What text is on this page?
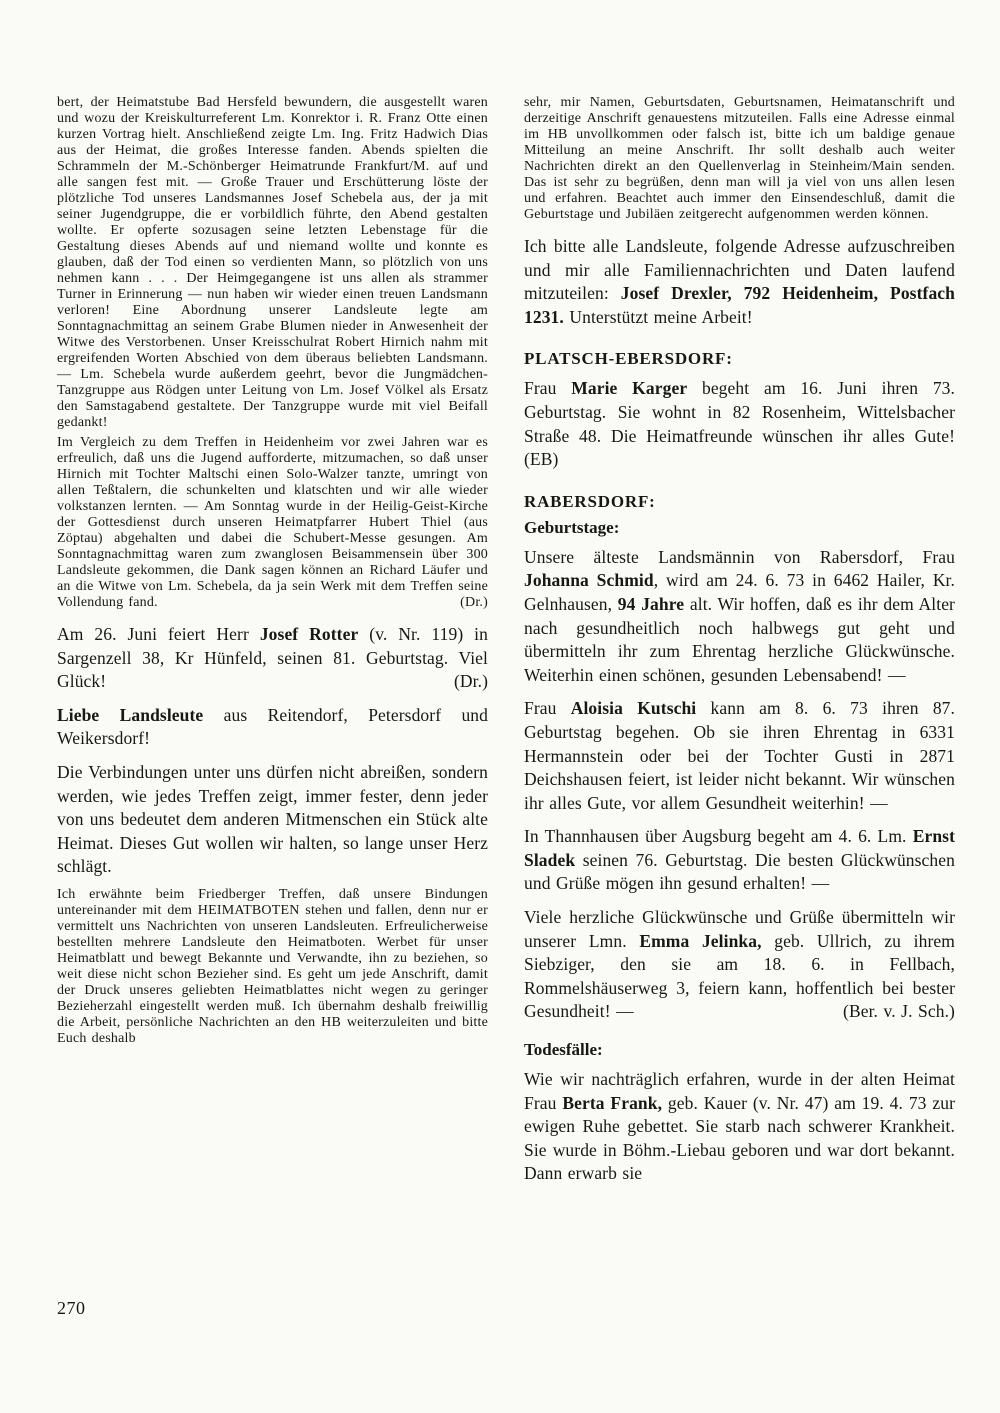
bert, der Heimatstube Bad Hersfeld bewundern, die ausgestellt waren und wozu der Kreiskulturreferent Lm. Konrektor i. R. Franz Otte einen kurzen Vortrag hielt. Anschließend zeigte Lm. Ing. Fritz Hadwich Dias aus der Heimat, die großes Interesse fanden. Abends spielten die Schrammeln der M.-Schönberger Heimatrunde Frankfurt/M. auf und alle sangen fest mit. — Große Trauer und Erschütterung löste der plötzliche Tod unseres Landsmannes Josef Schebela aus, der ja mit seiner Jugendgruppe, die er vorbildlich führte, den Abend gestalten wollte. Er opferte sozusagen seine letzten Lebenstage für die Gestaltung dieses Abends auf und niemand wollte und konnte es glauben, daß der Tod einen so verdienten Mann, so plötzlich von uns nehmen kann . . . Der Heimgegangene ist uns allen als strammer Turner in Erinnerung — nun haben wir wieder einen treuen Landsmann verloren! Eine Abordnung unserer Landsleute legte am Sonntagnachmittag an seinem Grabe Blumen nieder in Anwesenheit der Witwe des Verstorbenen. Unser Kreisschulrat Robert Hirnich nahm mit ergreifenden Worten Abschied von dem überaus beliebten Landsmann. — Lm. Schebela wurde außerdem geehrt, bevor die Jungmädchen-Tanzgruppe aus Rödgen unter Leitung von Lm. Josef Völkel als Ersatz den Samstagabend gestaltete. Der Tanzgruppe wurde mit viel Beifall gedankt!

Im Vergleich zu dem Treffen in Heidenheim vor zwei Jahren war es erfreulich, daß uns die Jugend aufforderte, mitzumachen, so daß unser Hirnich mit Tochter Maltschi einen Solo-Walzer tanzte, umringt von allen Teßtalern, die schunkelten und klatschten und wir alle wieder volkstanzen lernten. — Am Sonntag wurde in der Heilig-Geist-Kirche der Gottesdienst durch unseren Heimatpfarrer Hubert Thiel (aus Zöptau) abgehalten und dabei die Schubert-Messe gesungen. Am Sonntagnachmittag waren zum zwanglosen Beisammensein über 300 Landsleute gekommen, die Dank sagen können an Richard Läufer und an die Witwe von Lm. Schebela, da ja sein Werk mit dem Treffen seine Vollendung fand.	(Dr.)

Am 26. Juni feiert Herr Josef Rotter (v. Nr. 119) in Sargenzell 38, Kr Hünfeld, seinen 81. Geburtstag. Viel Glück!	(Dr.)

Liebe Landsleute aus Reitendorf, Petersdorf und Weikersdorf!

Die Verbindungen unter uns dürfen nicht abreißen, sondern werden, wie jedes Treffen zeigt, immer fester, denn jeder von uns bedeutet dem anderen Mitmenschen ein Stück alte Heimat. Dieses Gut wollen wir halten, so lange unser Herz schlägt.

Ich erwähnte beim Friedberger Treffen, daß unsere Bindungen untereinander mit dem HEIMATBOTEN stehen und fallen, denn nur er vermittelt uns Nachrichten von unseren Landsleuten. Erfreulicherweise bestellten mehrere Landsleute den Heimatboten. Werbet für unser Heimatblatt und bewegt Bekannte und Verwandte, ihn zu beziehen, so weit diese nicht schon Bezieher sind. Es geht um jede Anschrift, damit der Druck unseres geliebten Heimatblattes nicht wegen zu geringer Bezieherzahl eingestellt werden muß. Ich übernahm deshalb freiwillig die Arbeit, persönliche Nachrichten an den HB weiterzuleiten und bitte Euch deshalb

sehr, mir Namen, Geburtsdaten, Geburtsnamen, Heimatanschrift und derzeitige Anschrift genauestens mitzuteilen. Falls eine Adresse einmal im HB unvollkommen oder falsch ist, bitte ich um baldige genaue Mitteilung an meine Anschrift. Ihr sollt deshalb auch weiter Nachrichten direkt an den Quellenverlag in Steinheim/Main senden. Das ist sehr zu begrüßen, denn man will ja viel von uns allen lesen und erfahren. Beachtet auch immer den Einsendeschluß, damit die Geburtstage und Jubiläen zeitgerecht aufgenommen werden können.

Ich bitte alle Landsleute, folgende Adresse aufzuschreiben und mir alle Familiennachrichten und Daten laufend mitzuteilen: Josef Drexler, 792 Heidenheim, Postfach 1231. Unterstützt meine Arbeit!

PLATSCH-EBERSDORF:

Frau Marie Karger begeht am 16. Juni ihren 73. Geburtstag. Sie wohnt in 82 Rosenheim, Wittelsbacher Straße 48. Die Heimatfreunde wünschen ihr alles Gute! (EB)

RABERSDORF:

Geburtstage:

Unsere älteste Landsmännin von Rabersdorf, Frau Johanna Schmid, wird am 24. 6. 73 in 6462 Hailer, Kr. Gelnhausen, 94 Jahre alt. Wir hoffen, daß es ihr dem Alter nach gesundheitlich noch halbwegs gut geht und übermitteln ihr zum Ehrentag herzliche Glückwünsche. Weiterhin einen schönen, gesunden Lebensabend! —

Frau Aloisia Kutschi kann am 8. 6. 73 ihren 87. Geburtstag begehen. Ob sie ihren Ehrentag in 6331 Hermannstein oder bei der Tochter Gusti in 2871 Deichshausen feiert, ist leider nicht bekannt. Wir wünschen ihr alles Gute, vor allem Gesundheit weiterhin! —

In Thannhausen über Augsburg begeht am 4. 6. Lm. Ernst Sladek seinen 76. Geburtstag. Die besten Glückwünschen und Grüße mögen ihn gesund erhalten! —

Viele herzliche Glückwünsche und Grüße übermitteln wir unserer Lmn. Emma Jelinka, geb. Ullrich, zu ihrem Siebziger, den sie am 18. 6. in Fellbach, Rommelshäuserweg 3, feiern kann, hoffentlich bei bester Gesundheit! —	(Ber. v. J. Sch.)

Todesfälle:

Wie wir nachträglich erfahren, wurde in der alten Heimat Frau Berta Frank, geb. Kauer (v. Nr. 47) am 19. 4. 73 zur ewigen Ruhe gebettet. Sie starb nach schwerer Krankheit. Sie wurde in Böhm.-Liebau geboren und war dort bekannt. Dann erwarb sie

270
